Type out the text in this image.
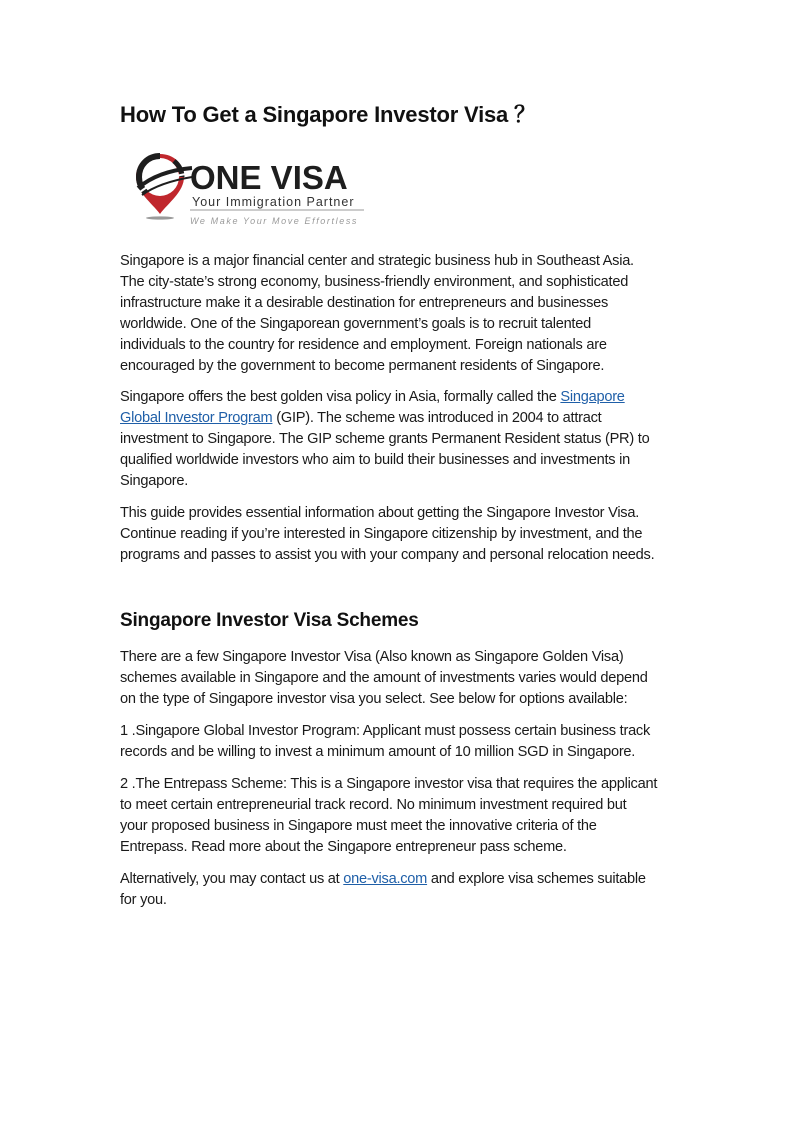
How To Get a Singapore Investor Visa ？
ONE VISA
Your Immigration Partner
We Make Your Move Effortless

Singapore is a major financial center and strategic business hub in Southeast Asia.
The city-state’s strong economy, business-friendly environment, and sophisticated
infrastructure make it a desirable destination for entrepreneurs and businesses
worldwide. One of the Singaporean government’s goals is to recruit talented
individuals to the country for residence and employment. Foreign nationals are
encouraged by the government to become permanent residents of Singapore.

Singapore offers the best golden visa policy in Asia, formally called the Singapore
Global Investor Program (GIP). The scheme was introduced in 2004 to attract
investment to Singapore. The GIP scheme grants Permanent Resident status (PR) to
qualified worldwide investors who aim to build their businesses and investments in
Singapore.

This guide provides essential information about getting the Singapore Investor Visa.
Continue reading if you’re interested in Singapore citizenship by investment, and the
programs and passes to assist you with your company and personal relocation needs.

Singapore Investor Visa Schemes

There are a few Singapore Investor Visa (Also known as Singapore Golden Visa)
schemes available in Singapore and the amount of investments varies would depend
on the type of Singapore investor visa you select. See below for options available:

1 .Singapore Global Investor Program: Applicant must possess certain business track
records and be willing to invest a minimum amount of 10 million SGD in Singapore.

2 .The Entrepass Scheme: This is a Singapore investor visa that requires the applicant
to meet certain entrepreneurial track record. No minimum investment required but
your proposed business in Singapore must meet the innovative criteria of the
Entrepass. Read more about the Singapore entrepreneur pass scheme.

Alternatively, you may contact us at one-visa.com and explore visa schemes suitable
for you.
